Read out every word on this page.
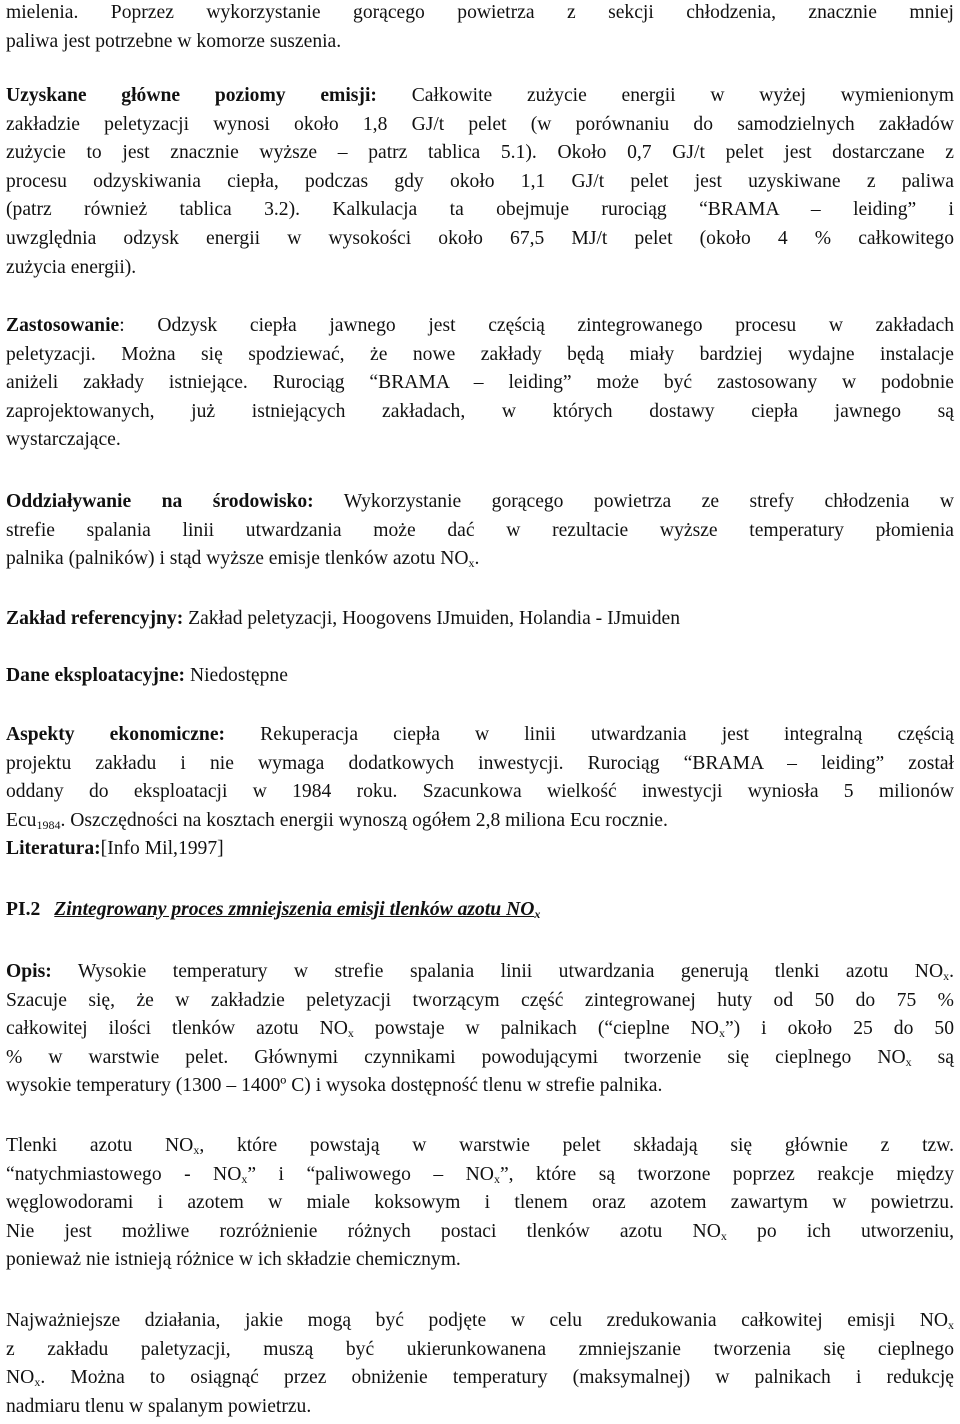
mielenia. Poprzez wykorzystanie gorącego powietrza z sekcji chłodzenia, znacznie mniej
paliwa jest potrzebne w komorze suszenia.
Uzyskane główne poziomy emisji: Całkowite zużycie energii w wyżej wymienionym
zakładzie peletyzacji wynosi około 1,8 GJ/t pelet (w porównaniu do samodzielnych zakładów
zużycie to jest znacznie wyższe – patrz tablica 5.1). Około 0,7 GJ/t pelet jest dostarczane z
procesu odzyskiwania ciepła, podczas gdy około 1,1 GJ/t pelet jest uzyskiwane z paliwa
(patrz również tablica 3.2). Kalkulacja ta obejmuje rurociąg “BRAMA – leiding” i
uwzględnia odzysk energii w wysokości około 67,5 MJ/t pelet (około 4 % całkowitego
zużycia energii).
Zastosowanie: Odzysk ciepła jawnego jest częścią zintegrowanego procesu w zakładach
peletyzacji. Można się spodziewać, że nowe zakłady będą miały bardziej wydajne instalacje
aniżeli zakłady istniejące. Rurociąg “BRAMA – leiding” może być zastosowany w podobnie
zaprojektowanych, już istniejących zakładach, w których dostawy ciepła jawnego są
wystarczające.
Oddziaływanie na środowisko: Wykorzystanie gorącego powietrza ze strefy chłodzenia w
strefie spalania linii utwardzania może dać w rezultacie wyższe temperatury płomienia
palnika (palników) i stąd wyższe emisje tlenków azotu $NO_x$.
Zakład referencyjny: Zakład peletyzacji, Hoogovens IJmuiden, Holandia - IJmuiden
Dane eksploatacyjne: Niedostępne
Aspekty ekonomiczne: Rekuperacja ciepła w linii utwardzania jest integralną częścią
projektu zakładu i nie wymaga dodatkowych inwestycji. Rurociąg “BRAMA – leiding” został
oddany do eksploatacji w 1984 roku. Szacunkowa wielkość inwestycji wyniosła 5 milionów
Ecu$_{1984}$. Oszczędności na kosztach energii wynoszą ogółem 2,8 miliona Ecu rocznie.
Literatura:[Info Mil,1997]
PI.2 Zintegrowany proces zmniejszenia emisji tlenków azotu $NO_x$
Opis: Wysokie temperatury w strefie spalania linii utwardzania generują tlenki azotu $NO_x$.
Szacuje się, że w zakładzie peletyzacji tworzącym część zintegrowanej huty od 50 do 75 %
całkowitej ilości tlenków azotu $NO_x$ powstaje w palnikach (“cieplne $NO_x$”) i około 25 do 50
% w warstwie pelet. Głównymi czynnikami powodującymi tworzenie się cieplnego $NO_x$ są
wysokie temperatury (1300 – 1400º C) i wysoka dostępność tlenu w strefie palnika.
Tlenki azotu $NO_x$, które powstają w warstwie pelet składają się głównie z tzw.
“natychmiastowego - $NO_x$” i “paliwowego – $NO_x$”, które są tworzone poprzez reakcje między
węglowodorami i azotem w miale koksowym i tlenem oraz azotem zawartym w powietrzu.
Nie jest możliwe rozróżnienie różnych postaci tlenków azotu $NO_x$ po ich utworzeniu,
ponieważ nie istnieją różnice w ich składzie chemicznym.
Najważniejsze działania, jakie mogą być podjęte w celu zredukowania całkowitej emisji $NO_x$
z zakładu paletyzacji, muszą być ukierunkowanena zmniejszanie tworzenia się cieplnego
$NO_x$. Można to osiągnąć przez obniżenie temperatury (maksymalnej) w palnikach i redukcję
nadmiaru tlenu w spalanym powietrzu.
